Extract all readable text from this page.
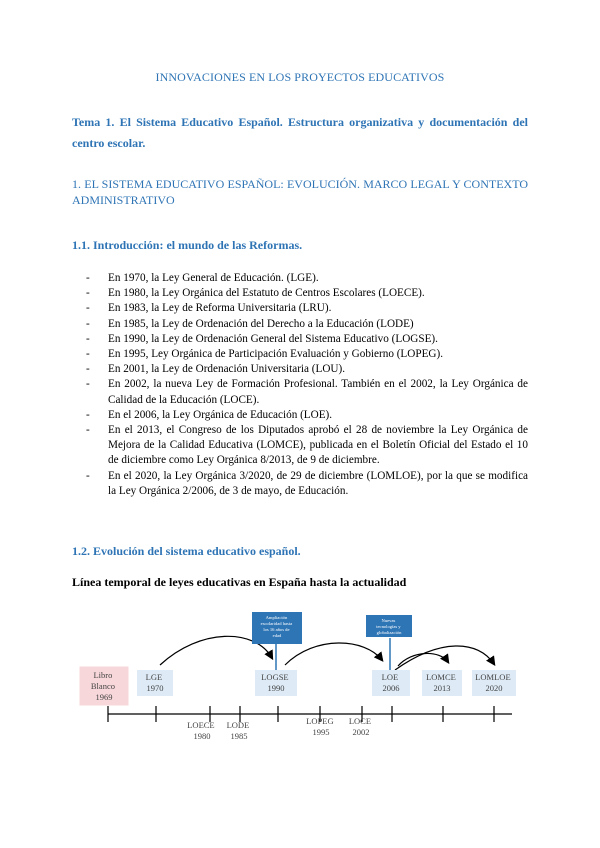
INNOVACIONES EN LOS PROYECTOS EDUCATIVOS
Tema 1. El Sistema Educativo Español. Estructura organizativa y documentación del centro escolar.
1. EL SISTEMA EDUCATIVO ESPAÑOL: EVOLUCIÓN. MARCO LEGAL Y CONTEXTO ADMINISTRATIVO
1.1. Introducción: el mundo de las Reformas.
- En 1970, la Ley General de Educación. (LGE).
- En 1980, la Ley Orgánica del Estatuto de Centros Escolares (LOECE).
- En 1983, la Ley de Reforma Universitaria (LRU).
- En 1985, la Ley de Ordenación del Derecho a la Educación (LODE)
- En 1990, la Ley de Ordenación General del Sistema Educativo (LOGSE).
- En 1995, Ley Orgánica de Participación Evaluación y Gobierno (LOPEG).
- En 2001, la Ley de Ordenación Universitaria (LOU).
- En 2002, la nueva Ley de Formación Profesional. También en el 2002, la Ley Orgánica de Calidad de la Educación (LOCE).
- En el 2006, la Ley Orgánica de Educación (LOE).
- En el 2013, el Congreso de los Diputados aprobó el 28 de noviembre la Ley Orgánica de Mejora de la Calidad Educativa (LOMCE), publicada en el Boletín Oficial del Estado el 10 de diciembre como Ley Orgánica 8/2013, de 9 de diciembre.
- En el 2020, la Ley Orgánica 3/2020, de 29 de diciembre (LOMLOE), por la que se modifica la Ley Orgánica 2/2006, de 3 de mayo, de Educación.
1.2. Evolución del sistema educativo español.
Línea temporal de leyes educativas en España hasta la actualidad
Ampliación escolaridad hasta los 16 años de edad
Nuevas tecnologías y globalización
Libro Blanco 1969
LGE 1970
LOGSE 1990
LOE 2006
LOMCE 2013
LOMLOE 2020
LOECE 1980
LODE 1985
LOPEG 1995
LOCE 2002
